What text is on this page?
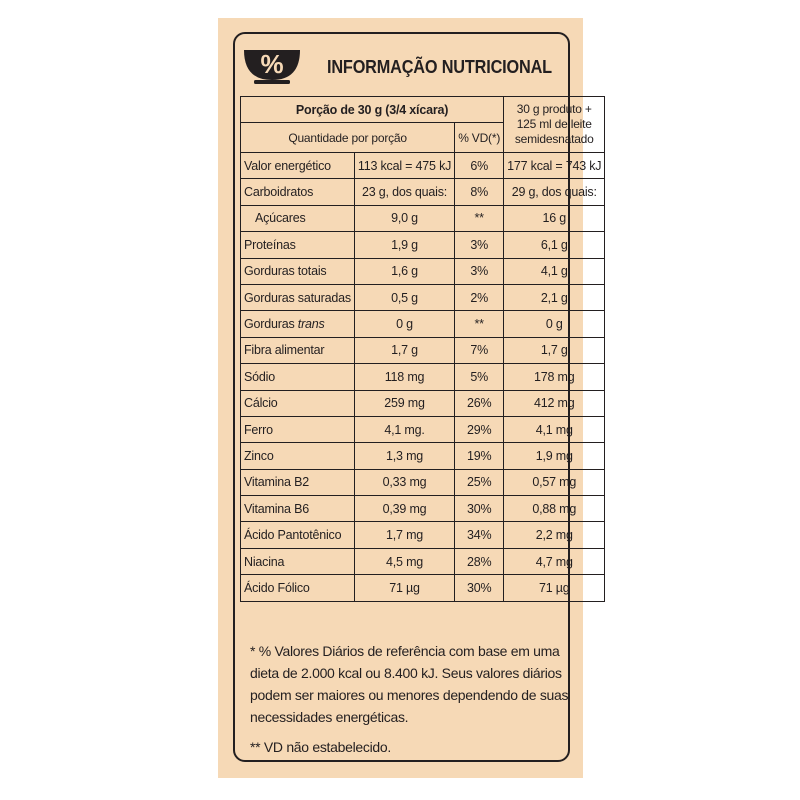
% INFORMAÇÃO NUTRICIONAL
Porção de 30 g (3/4 xícara)			30 g produto + 125 ml de leite semidesnatado
Quantidade por porção		% VD(*)	
Valor energético	113 kcal = 475 kJ	6%	177 kcal = 743 kJ
Carboidratos	23 g, dos quais:	8%	29 g, dos quais:
Açúcares	9,0 g	**	16 g
Proteínas	1,9 g	3%	6,1 g
Gorduras totais	1,6 g	3%	4,1 g
Gorduras saturadas	0,5 g	2%	2,1 g
Gorduras trans	0 g	**	0 g
Fibra alimentar	1,7 g	7%	1,7 g
Sódio	118 mg	5%	178 mg
Cálcio	259 mg	26%	412 mg
Ferro	4,1 mg.	29%	4,1 mg
Zinco	1,3 mg	19%	1,9 mg
Vitamina B2	0,33 mg	25%	0,57 mg
Vitamina B6	0,39 mg	30%	0,88 mg
Ácido Pantotênico	1,7 mg	34%	2,2 mg
Niacina	4,5 mg	28%	4,7 mg
Ácido Fólico	71 µg	30%	71 µg

* % Valores Diários de referência com base em uma dieta de 2.000 kcal ou 8.400 kJ. Seus valores diários podem ser maiores ou menores dependendo de suas necessidades energéticas.

** VD não estabelecido.
